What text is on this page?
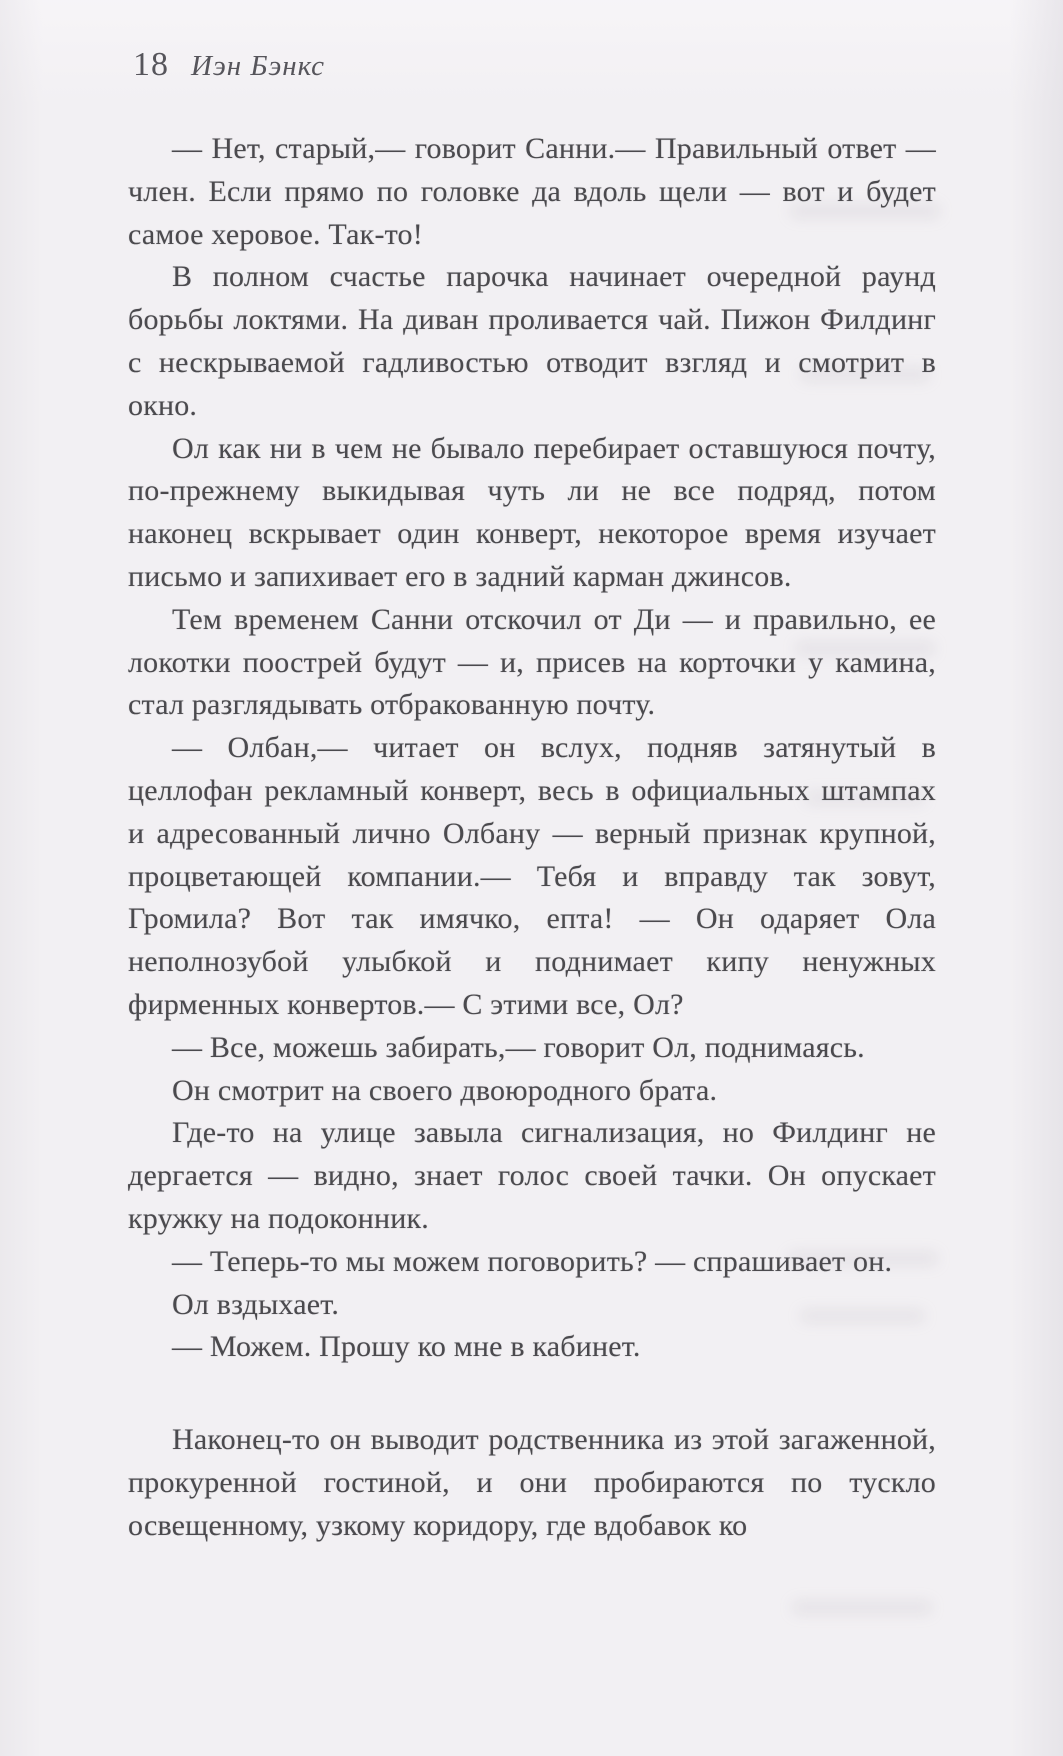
18 Иэн Бэнкс

— Нет, старый,— говорит Санни.— Правильный ответ — член. Если прямо по головке да вдоль щели — вот и будет самое херовое. Так-то!

В полном счастье парочка начинает очередной раунд борьбы локтями. На диван проливается чай. Пижон Филдинг с нескрываемой гадливостью отводит взгляд и смотрит в окно.

Ол как ни в чем не бывало перебирает оставшуюся почту, по-прежнему выкидывая чуть ли не все подряд, потом наконец вскрывает один конверт, некоторое время изучает письмо и запихивает его в задний карман джинсов.

Тем временем Санни отскочил от Ди — и правильно, ее локотки поострей будут — и, присев на корточки у камина, стал разглядывать отбракованную почту.

— Олбан,— читает он вслух, подняв затянутый в целлофан рекламный конверт, весь в официальных штампах и адресованный лично Олбану — верный признак крупной, процветающей компании.— Тебя и вправду так зовут, Громила? Вот так имячко, епта! — Он одаряет Ола неполнозубой улыбкой и поднимает кипу ненужных фирменных конвертов.— С этими все, Ол?

— Все, можешь забирать,— говорит Ол, поднимаясь.

Он смотрит на своего двоюродного брата.

Где-то на улице завыла сигнализация, но Филдинг не дергается — видно, знает голос своей тачки. Он опускает кружку на подоконник.

— Теперь-то мы можем поговорить? — спрашивает он.

Ол вздыхает.

— Можем. Прошу ко мне в кабинет.

Наконец-то он выводит родственника из этой загаженной, прокуренной гостиной, и они пробираются по тускло освещенному, узкому коридору, где вдобавок ко
